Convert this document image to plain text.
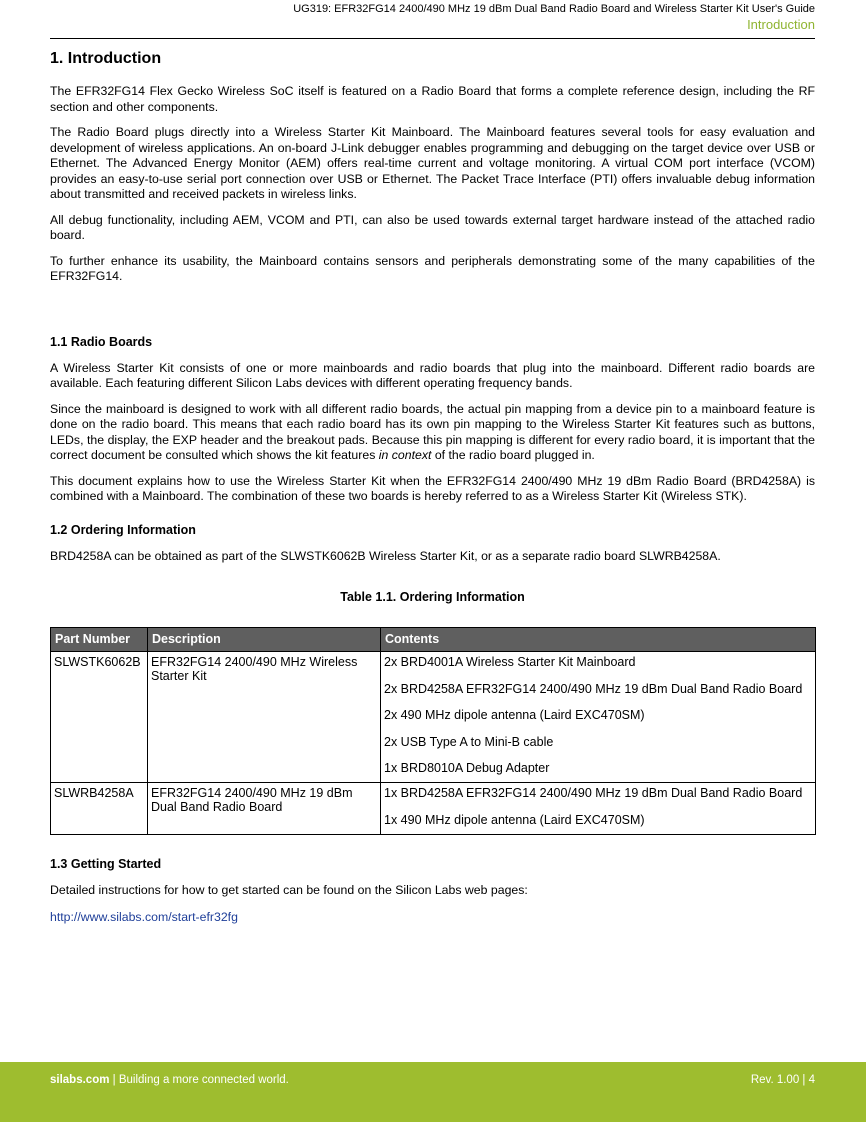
UG319: EFR32FG14 2400/490 MHz 19 dBm Dual Band Radio Board and Wireless Starter Kit User's Guide
Introduction
1. Introduction

The EFR32FG14 Flex Gecko Wireless SoC itself is featured on a Radio Board that forms a complete reference design, including the RF section and other components.

The Radio Board plugs directly into a Wireless Starter Kit Mainboard. The Mainboard features several tools for easy evaluation and development of wireless applications. An on-board J-Link debugger enables programming and debugging on the target device over USB or Ethernet. The Advanced Energy Monitor (AEM) offers real-time current and voltage monitoring. A virtual COM port interface (VCOM) provides an easy-to-use serial port connection over USB or Ethernet. The Packet Trace Interface (PTI) offers invaluable debug information about transmitted and received packets in wireless links.

All debug functionality, including AEM, VCOM and PTI, can also be used towards external target hardware instead of the attached radio board.

To further enhance its usability, the Mainboard contains sensors and peripherals demonstrating some of the many capabilities of the EFR32FG14.

1.1 Radio Boards

A Wireless Starter Kit consists of one or more mainboards and radio boards that plug into the mainboard. Different radio boards are available. Each featuring different Silicon Labs devices with different operating frequency bands.

Since the mainboard is designed to work with all different radio boards, the actual pin mapping from a device pin to a mainboard feature is done on the radio board. This means that each radio board has its own pin mapping to the Wireless Starter Kit features such as buttons, LEDs, the display, the EXP header and the breakout pads. Because this pin mapping is different for every radio board, it is important that the correct document be consulted which shows the kit features in context of the radio board plugged in.

This document explains how to use the Wireless Starter Kit when the EFR32FG14 2400/490 MHz 19 dBm Radio Board (BRD4258A) is combined with a Mainboard. The combination of these two boards is hereby referred to as a Wireless Starter Kit (Wireless STK).

1.2 Ordering Information

BRD4258A can be obtained as part of the SLWSTK6062B Wireless Starter Kit, or as a separate radio board SLWRB4258A.

Table 1.1. Ordering Information
Part Number	Description	Contents
SLWSTK6062B	EFR32FG14 2400/490 MHz Wireless Starter Kit	2x BRD4001A Wireless Starter Kit Mainboard
2x BRD4258A EFR32FG14 2400/490 MHz 19 dBm Dual Band Radio Board
2x 490 MHz dipole antenna (Laird EXC470SM)
2x USB Type A to Mini-B cable
1x BRD8010A Debug Adapter

SLWRB4258A	EFR32FG14 2400/490 MHz 19 dBm Dual Band Radio Board	1x BRD4258A EFR32FG14 2400/490 MHz 19 dBm Dual Band Radio Board
1x 490 MHz dipole antenna (Laird EXC470SM)
1.3 Getting Started

Detailed instructions for how to get started can be found on the Silicon Labs web pages:

http://www.silabs.com/start-efr32fg
silabs.com | Building a more connected world.	Rev. 1.00 | 4
